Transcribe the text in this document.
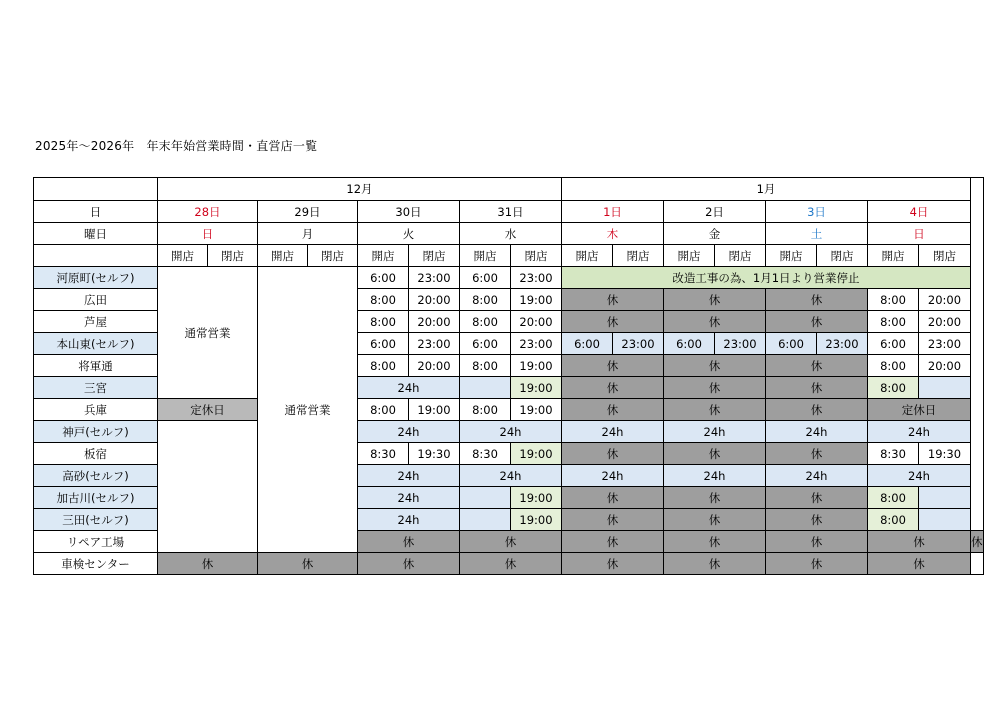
2025年～2026年　年末年始営業時間・直営店一覧
	12月								1月								
日	28日		29日		30日		31日		1日		2日		3日		4日		
曜日	日		月		火		水		木		金		土		日		
	開店	閉店	開店	閉店	開店	閉店	開店	閉店	開店	閉店	開店	閉店	開店	閉店	開店	閉店	
河原町(セルフ)	通常営業		通常営業		6:00	23:00	6:00	23:00	改造工事の為、1月1日より営業停止								
広田					8:00	20:00	8:00	19:00	休		休		休		8:00	20:00	
芦屋					8:00	20:00	8:00	20:00	休		休		休		8:00	20:00	
本山東(セルフ)					6:00	23:00	6:00	23:00	6:00	23:00	6:00	23:00	6:00	23:00	6:00	23:00	
将軍通					8:00	20:00	8:00	19:00	休		休		休		8:00	20:00	
三宮					24h			19:00	休		休		休		8:00		
兵庫	定休日				8:00	19:00	8:00	19:00	休		休		休		定休日		
神戸(セルフ)					24h		24h		24h		24h		24h		24h		
板宿					8:30	19:30	8:30	19:00	休		休		休		8:30	19:30	
高砂(セルフ)					24h		24h		24h		24h		24h		24h		
加古川(セルフ)					24h			19:00	休		休		休		8:00		
三田(セルフ)					24h			19:00	休		休		休		8:00		
リペア工場					休		休		休		休		休		休		休
車検センター	休		休		休		休		休		休		休		休		
